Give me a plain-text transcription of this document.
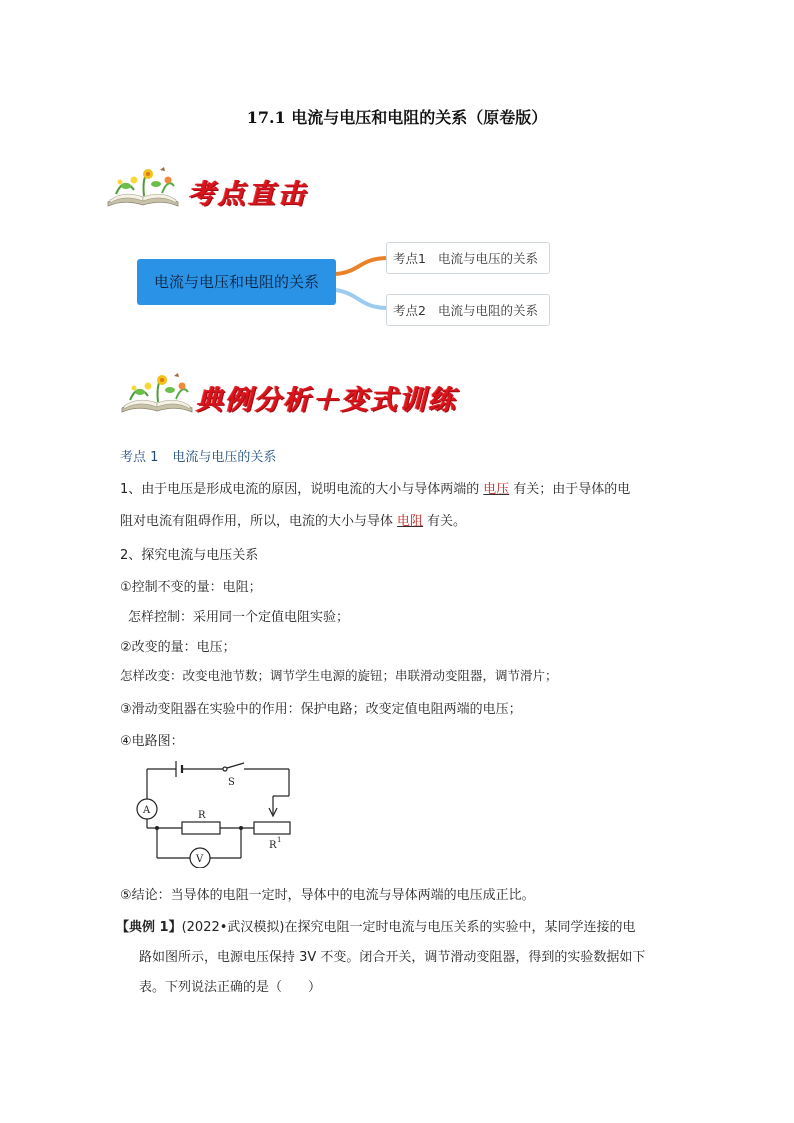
17.1 电流与电压和电阻的关系（原卷版）
考点直击
电流与电压和电阻的关系
考点1 电流与电压的关系
考点2 电流与电阻的关系
典例分析＋变式训练
考点 1 电流与电压的关系
1、由于电压是形成电流的原因，说明电流的大小与导体两端的 电压 有关；由于导体的电
阻对电流有阻碍作用，所以，电流的大小与导体 电阻 有关。
2、探究电流与电压关系
①控制不变的量：电阻；
怎样控制：采用同一个定值电阻实验；
②改变的量：电压；
怎样改变：改变电池节数；调节学生电源的旋钮；串联滑动变阻器，调节滑片；
③滑动变阻器在实验中的作用：保护电路；改变定值电阻两端的电压；
④电路图：
S
R
R 1
A
V
⑤结论：当导体的电阻一定时，导体中的电流与导体两端的电压成正比。
【典例 1】(2022•武汉模拟)在探究电阻一定时电流与电压关系的实验中，某同学连接的电
路如图所示，电源电压保持 3V 不变。闭合开关，调节滑动变阻器，得到的实验数据如下
表。下列说法正确的是（　　）
